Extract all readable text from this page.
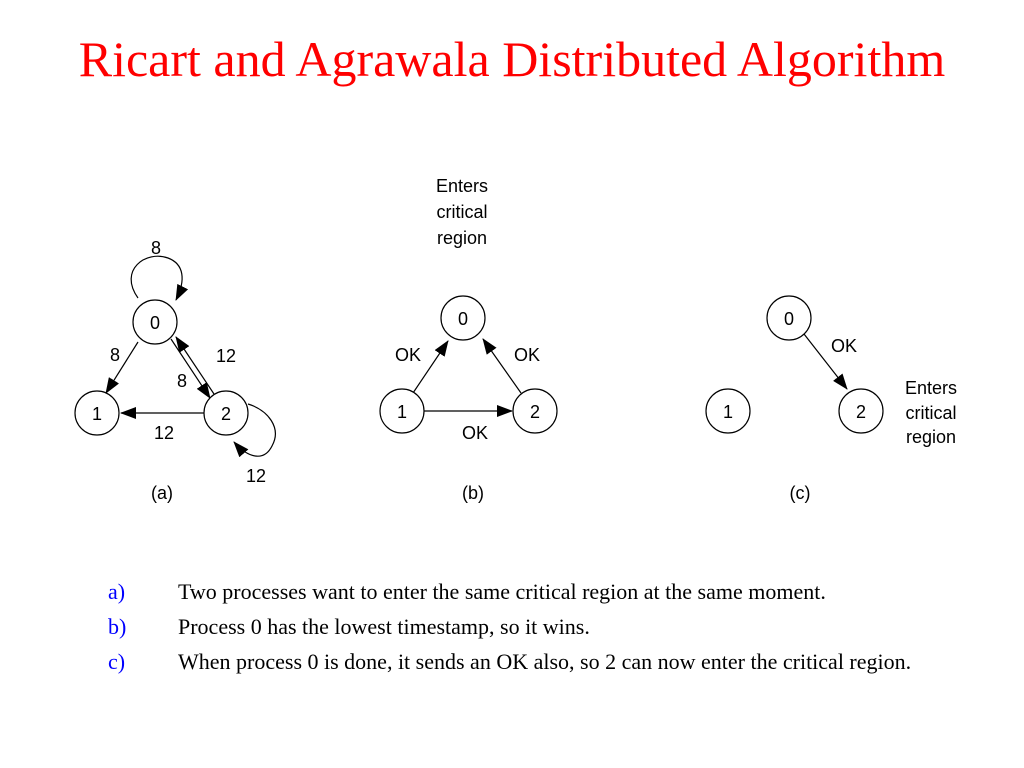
Ricart and Agrawala Distributed Algorithm
8
8	12
8
12
12
0
1	2
(a)
Enters
critical
region
OK	OK
OK
0
1	2
(b)
OK
0
1	2
Enters
critical
region
(c)
a)	Two processes want to enter the same critical region at the same moment.
b)	Process 0 has the lowest timestamp, so it wins.
c)	When process 0 is done, it sends an OK also, so 2 can now enter the critical region.
